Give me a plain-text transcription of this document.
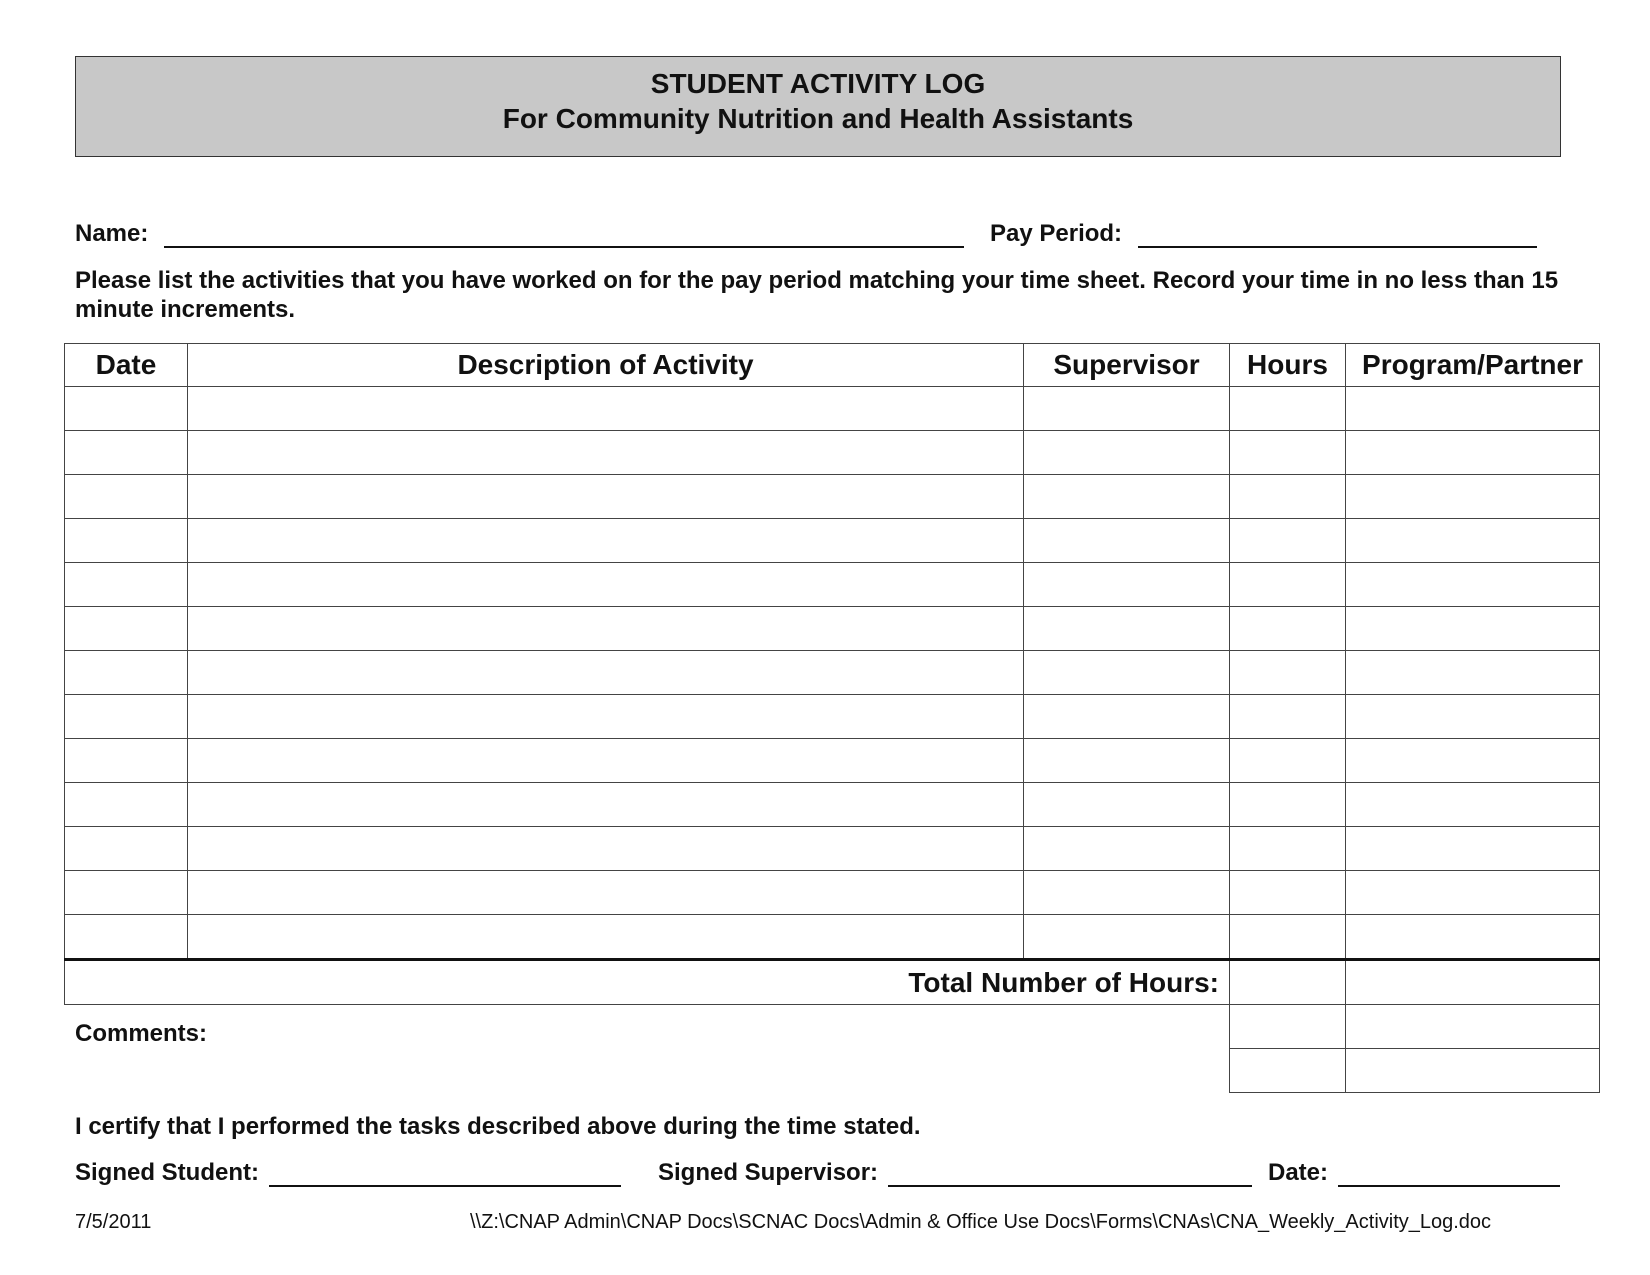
STUDENT ACTIVITY LOG
For Community Nutrition and Health Assistants
Name:	Pay Period:
Please list the activities that you have worked on for the pay period matching your time sheet. Record your time in no less than 15 minute increments.
Date	Description of Activity	Supervisor	Hours	Program/Partner

Total Number of Hours:				

Comments:
I certify that I performed the tasks described above during the time stated.
Signed Student:	Signed Supervisor:	Date:
7/5/2011	\\Z:\CNAP Admin\CNAP Docs\SCNAC Docs\Admin & Office Use Docs\Forms\CNAs\CNA_Weekly_Activity_Log.doc
